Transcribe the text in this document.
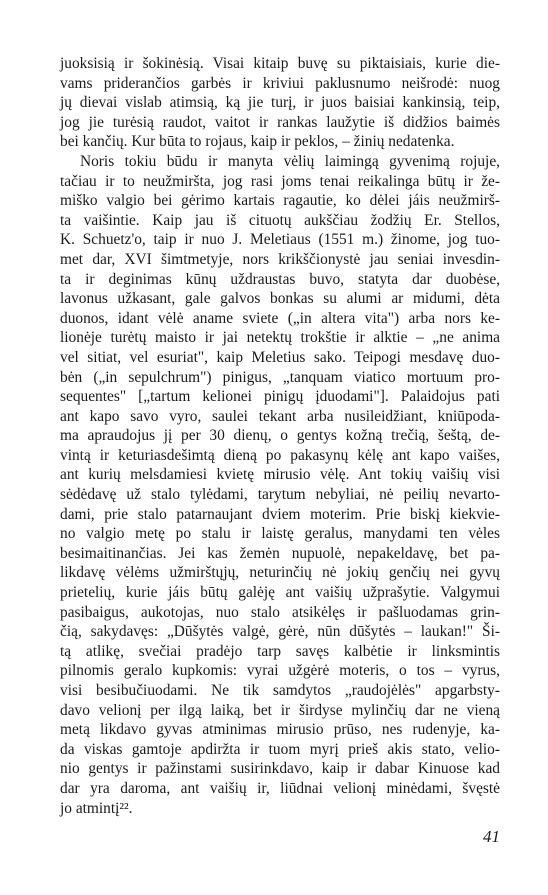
juoksisią ir šokinėsią. Visai kitaip buvę su piktaisiais, kurie die-
vams priderančios garbės ir kriviui paklusnumo neišrodė: nuog
jų dievai vislab atimsią, ką jie turį, ir juos baisiai kankinsią, teip,
jog jie turėsią raudot, vaitot ir rankas laužytie iš didžios baimės
bei kančių. Kur būta to rojaus, kaip ir peklos, – žinių nedatenka.
Noris tokiu būdu ir manyta vėlių laimingą gyvenimą rojuje,
tačiau ir to neužmiršta, jog rasi joms tenai reikalinga būtų ir že-
miško valgio bei gėrimo kartais ragautie, ko dėlei jáis neužmirš-
ta vaišintie. Kaip jau iš cituotų aukščiau žodžių Er. Stellos,
K. Schuetz'o, taip ir nuo J. Meletiaus (1551 m.) žinome, jog tuo-
met dar, XVI šimtmetyje, nors krikščionystė jau seniai invesdin-
ta ir deginimas kūnų uždraustas buvo, statyta dar duobėse,
lavonus užkasant, gale galvos bonkas su alumi ar midumi, dėta
duonos, idant vėlė aname sviete („in altera vita") arba nors ke-
lionėje turėtų maisto ir jai netektų trokštie ir alktie – „ne anima
vel sitiat, vel esuriat", kaip Meletius sako. Teipogi mesdavę duo-
bėn („in sepulchrum") pinigus, „tanquam viatico mortuum pro-
sequentes" [„tartum kelionei pinigų įduodami"]. Palaidojus pati
ant kapo savo vyro, saulei tekant arba nusileidžiant, kniūpoda-
ma apraudojus jį per 30 dienų, o gentys kožną trečią, šeštą, de-
vintą ir keturiasdešimtą dieną po pakasynų kėlę ant kapo vaišes,
ant kurių melsdamiesi kvietę mirusio vėlę. Ant tokių vaišių visi
sėdėdavę už stalo tylėdami, tarytum nebyliai, nė peilių nevarto-
dami, prie stalo patarnaujant dviem moterim. Prie biskį kiekvie-
no valgio metę po stalu ir laistę geralus, manydami ten vėles
besimaitinančias. Jei kas žemėn nupuolė, nepakeldavę, bet pa-
likdavę vėlėms užmirštųjų, neturinčių nė jokių genčių nei gyvų
prietelių, kurie jáis būtų galėję ant vaišių užprašytie. Valgymui
pasibaigus, aukotojas, nuo stalo atsikėlęs ir pašluodamas grin-
čią, sakydavęs: „Dūšytės valgė, gėrė, nūn dūšytės – laukan!" Ši-
tą atlikę, svečiai pradėjo tarp savęs kalbėtie ir linksmintis
pilnomis geralo kupkomis: vyrai užgėrė moteris, o tos – vyrus,
visi besibučiuodami. Ne tik samdytos „raudojėlės" apgarbsty-
davo velionį per ilgą laiką, bet ir širdyse mylinčių dar ne vieną
metą likdavo gyvas atminimas mirusio prūso, nes rudenyje, ka-
da viskas gamtoje apdiržta ir tuom myrį prieš akis stato, velio-
nio gentys ir pažinstami susirinkdavo, kaip ir dabar Kinuose kad
dar yra daroma, ant vaišių ir, liūdnai velionį minėdami, švęstė
jo atmintį²².
41
